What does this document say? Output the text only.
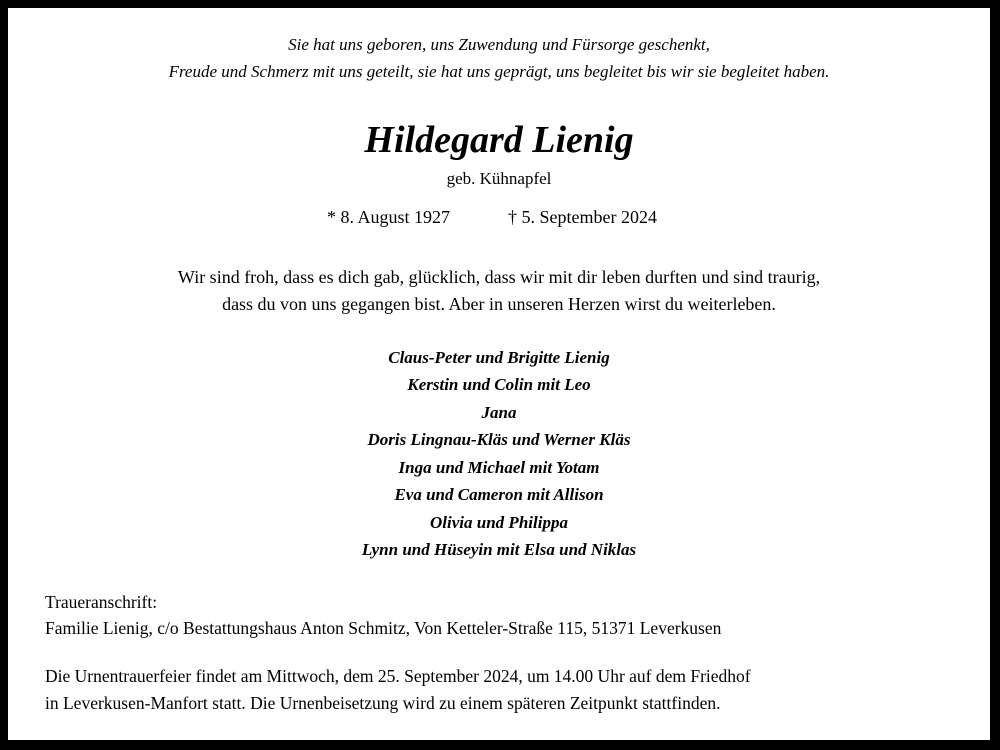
Sie hat uns geboren, uns Zuwendung und Fürsorge geschenkt,
Freude und Schmerz mit uns geteilt, sie hat uns geprägt, uns begleitet bis wir sie begleitet haben.
Hildegard Lienig
geb. Kühnapfel
* 8. August 1927	† 5. September 2024
Wir sind froh, dass es dich gab, glücklich, dass wir mit dir leben durften und sind traurig,
dass du von uns gegangen bist. Aber in unseren Herzen wirst du weiterleben.
Claus-Peter und Brigitte Lienig
Kerstin und Colin mit Leo
Jana
Doris Lingnau-Kläs und Werner Kläs
Inga und Michael mit Yotam
Eva und Cameron mit Allison
Olivia und Philippa
Lynn und Hüseyin mit Elsa und Niklas
Traueranschrift:
Familie Lienig, c/o Bestattungshaus Anton Schmitz, Von Ketteler-Straße 115, 51371 Leverkusen
Die Urnentrauerfeier findet am Mittwoch, dem 25. September 2024, um 14.00 Uhr auf dem Friedhof
in Leverkusen-Manfort statt. Die Urnenbeisetzung wird zu einem späteren Zeitpunkt stattfinden.
